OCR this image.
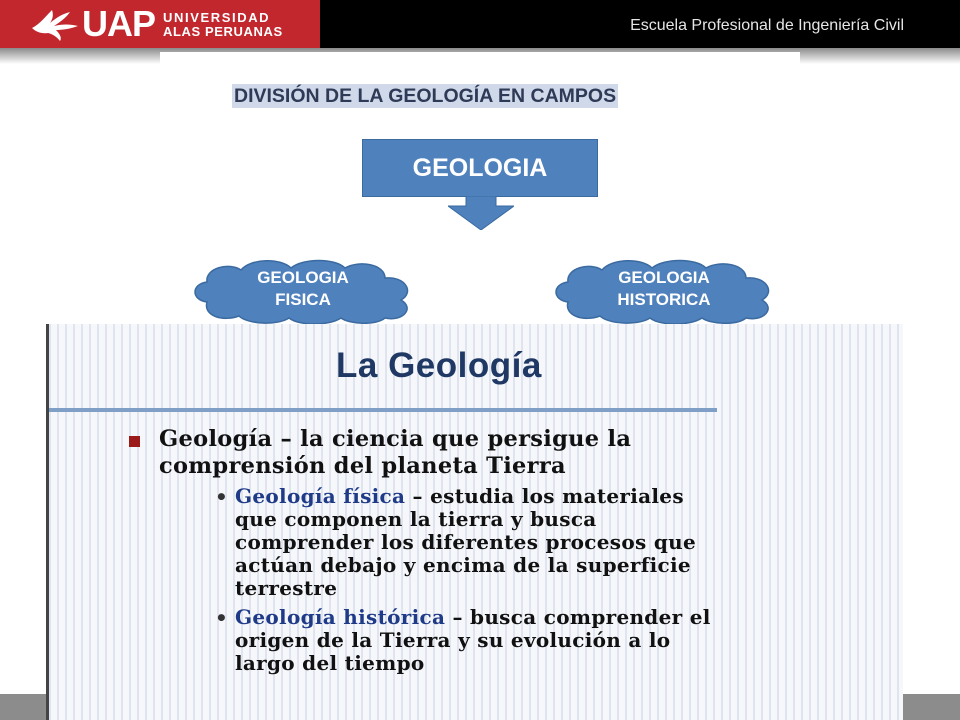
UAP UNIVERSIDAD
ALAS PERUANAS	Escuela Profesional de Ingeniería Civil
DIVISIÓN DE LA GEOLOGÍA EN CAMPOS
GEOLOGIA
GEOLOGIA
FISICA
GEOLOGIA
HISTORICA
La Geología
Geología – la ciencia que persigue la
comprensión del planeta Tierra
• Geología física – estudia los materiales
que componen la tierra y busca
comprender los diferentes procesos que
actúan debajo y encima de la superficie
terrestre
• Geología histórica – busca comprender el
origen de la Tierra y su evolución a lo
largo del tiempo
